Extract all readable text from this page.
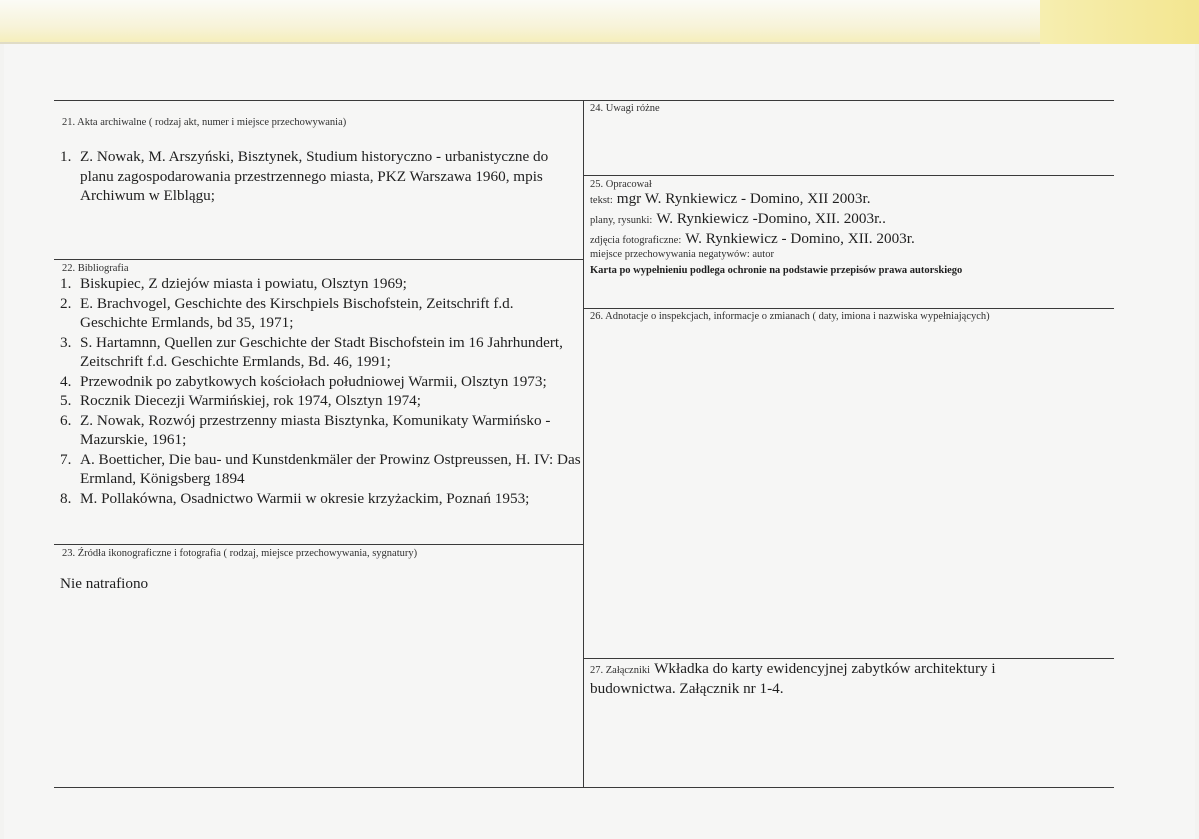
21. Akta archiwalne ( rodzaj akt, numer i miejsce przechowywania)
1. Z. Nowak, M. Arszyński, Bisztynek, Studium historyczno - urbanistyczne do planu zagospodarowania przestrzennego miasta, PKZ Warszawa 1960, mpis Archiwum w Elblągu;
22. Bibliografia
1. Biskupiec, Z dziejów miasta i powiatu, Olsztyn 1969;
2. E. Brachvogel, Geschichte des Kirschpiels Bischofstein, Zeitschrift f.d. Geschichte Ermlands, bd 35, 1971;
3. S. Hartamnn, Quellen zur Geschichte der Stadt Bischofstein im 16 Jahrhundert, Zeitschrift f.d. Geschichte Ermlands, Bd. 46, 1991;
4. Przewodnik po zabytkowych kościołach południowej Warmii, Olsztyn 1973;
5. Rocznik Diecezji Warmińskiej, rok 1974, Olsztyn 1974;
6. Z. Nowak, Rozwój przestrzenny miasta Bisztynka, Komunikaty Warmińsko - Mazurskie, 1961;
7. A. Boetticher, Die bau- und Kunstdenkmäler der Prowinz Ostpreussen, H. IV: Das Ermland, Königsberg 1894
8. M. Pollakówna, Osadnictwo Warmii w okresie krzyżackim, Poznań 1953;
23. Źródła ikonograficzne i fotografia ( rodzaj, miejsce przechowywania, sygnatury)
Nie natrafiono
24. Uwagi różne
25. Opracował
tekst: mgr W. Rynkiewicz - Domino, XII 2003r.
plany, rysunki: W. Rynkiewicz -Domino, XII. 2003r..
zdjęcia fotograficzne: W. Rynkiewicz - Domino, XII. 2003r.
miejsce przechowywania negatywów: autor
Karta po wypełnieniu podlega ochronie na podstawie przepisów prawa autorskiego
26. Adnotacje o inspekcjach, informacje o zmianach ( daty, imiona i nazwiska wypełniających)
27. Załączniki Wkładka do karty ewidencyjnej zabytków architektury i
budownictwa. Załącznik nr 1-4.
